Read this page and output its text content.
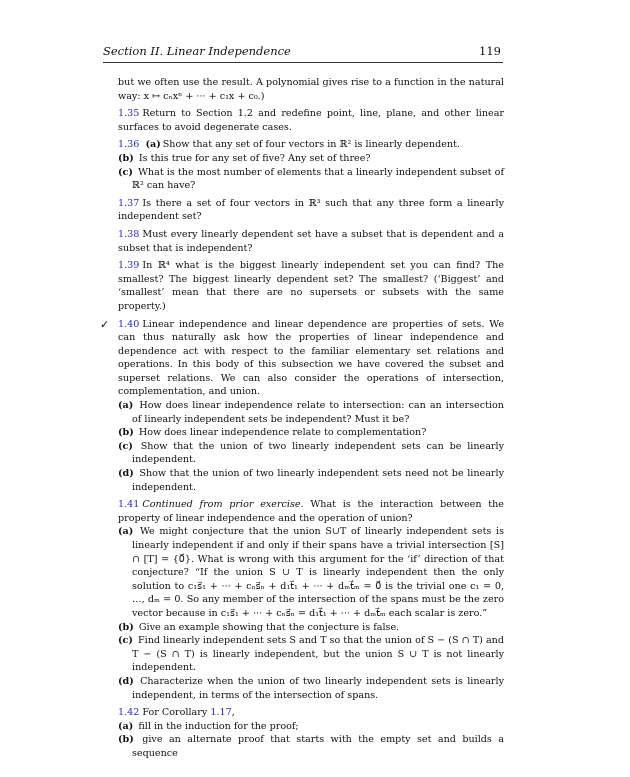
Section II. Linear Independence	119

but we often use the result. A polynomial gives rise to a function in the natural way: x ↦ cₙxⁿ + ··· + c₁x + c₀.)

1.35 Return to Section 1.2 and redefine point, line, plane, and other linear surfaces to avoid degenerate cases.

1.36 (a) Show that any set of four vectors in ℝ² is linearly dependent.

(b) Is this true for any set of five? Any set of three?

(c) What is the most number of elements that a linearly independent subset of ℝ² can have?

1.37 Is there a set of four vectors in ℝ³ such that any three form a linearly independent set?

1.38 Must every linearly dependent set have a subset that is dependent and a subset that is independent?

1.39 In ℝ⁴ what is the biggest linearly independent set you can find? The smallest? The biggest linearly dependent set? The smallest? (‘Biggest’ and ‘smallest’ mean that there are no supersets or subsets with the same property.)

✓ 1.40 Linear independence and linear dependence are properties of sets. We can thus naturally ask how the properties of linear independence and dependence act with respect to the familiar elementary set relations and operations. In this body of this subsection we have covered the subset and superset relations. We can also consider the operations of intersection, complementation, and union.

(a) How does linear independence relate to intersection: can an intersection of linearly independent sets be independent? Must it be?

(b) How does linear independence relate to complementation?

(c) Show that the union of two linearly independent sets can be linearly independent.

(d) Show that the union of two linearly independent sets need not be linearly independent.

1.41 Continued from prior exercise. What is the interaction between the property of linear independence and the operation of union?

(a) We might conjecture that the union S∪T of linearly independent sets is linearly independent if and only if their spans have a trivial intersection [S] ∩ [T] = {0⃗}. What is wrong with this argument for the ‘if’ direction of that conjecture? “If the union S ∪ T is linearly independent then the only solution to c₁s⃗₁ + ··· + cₙs⃗ₙ + d₁t⃗₁ + ··· + dₘt⃗ₘ = 0⃗ is the trivial one c₁ = 0, …, dₘ = 0. So any member of the intersection of the spans must be the zero vector because in c₁s⃗₁ + ··· + cₙs⃗ₙ = d₁t⃗₁ + ··· + dₘt⃗ₘ each scalar is zero.”

(b) Give an example showing that the conjecture is false.

(c) Find linearly independent sets S and T so that the union of S − (S ∩ T) and T − (S ∩ T) is linearly independent, but the union S ∪ T is not linearly independent.

(d) Characterize when the union of two linearly independent sets is linearly independent, in terms of the intersection of spans.

1.42 For Corollary 1.17,

(a) fill in the induction for the proof;

(b) give an alternate proof that starts with the empty set and builds a sequence
